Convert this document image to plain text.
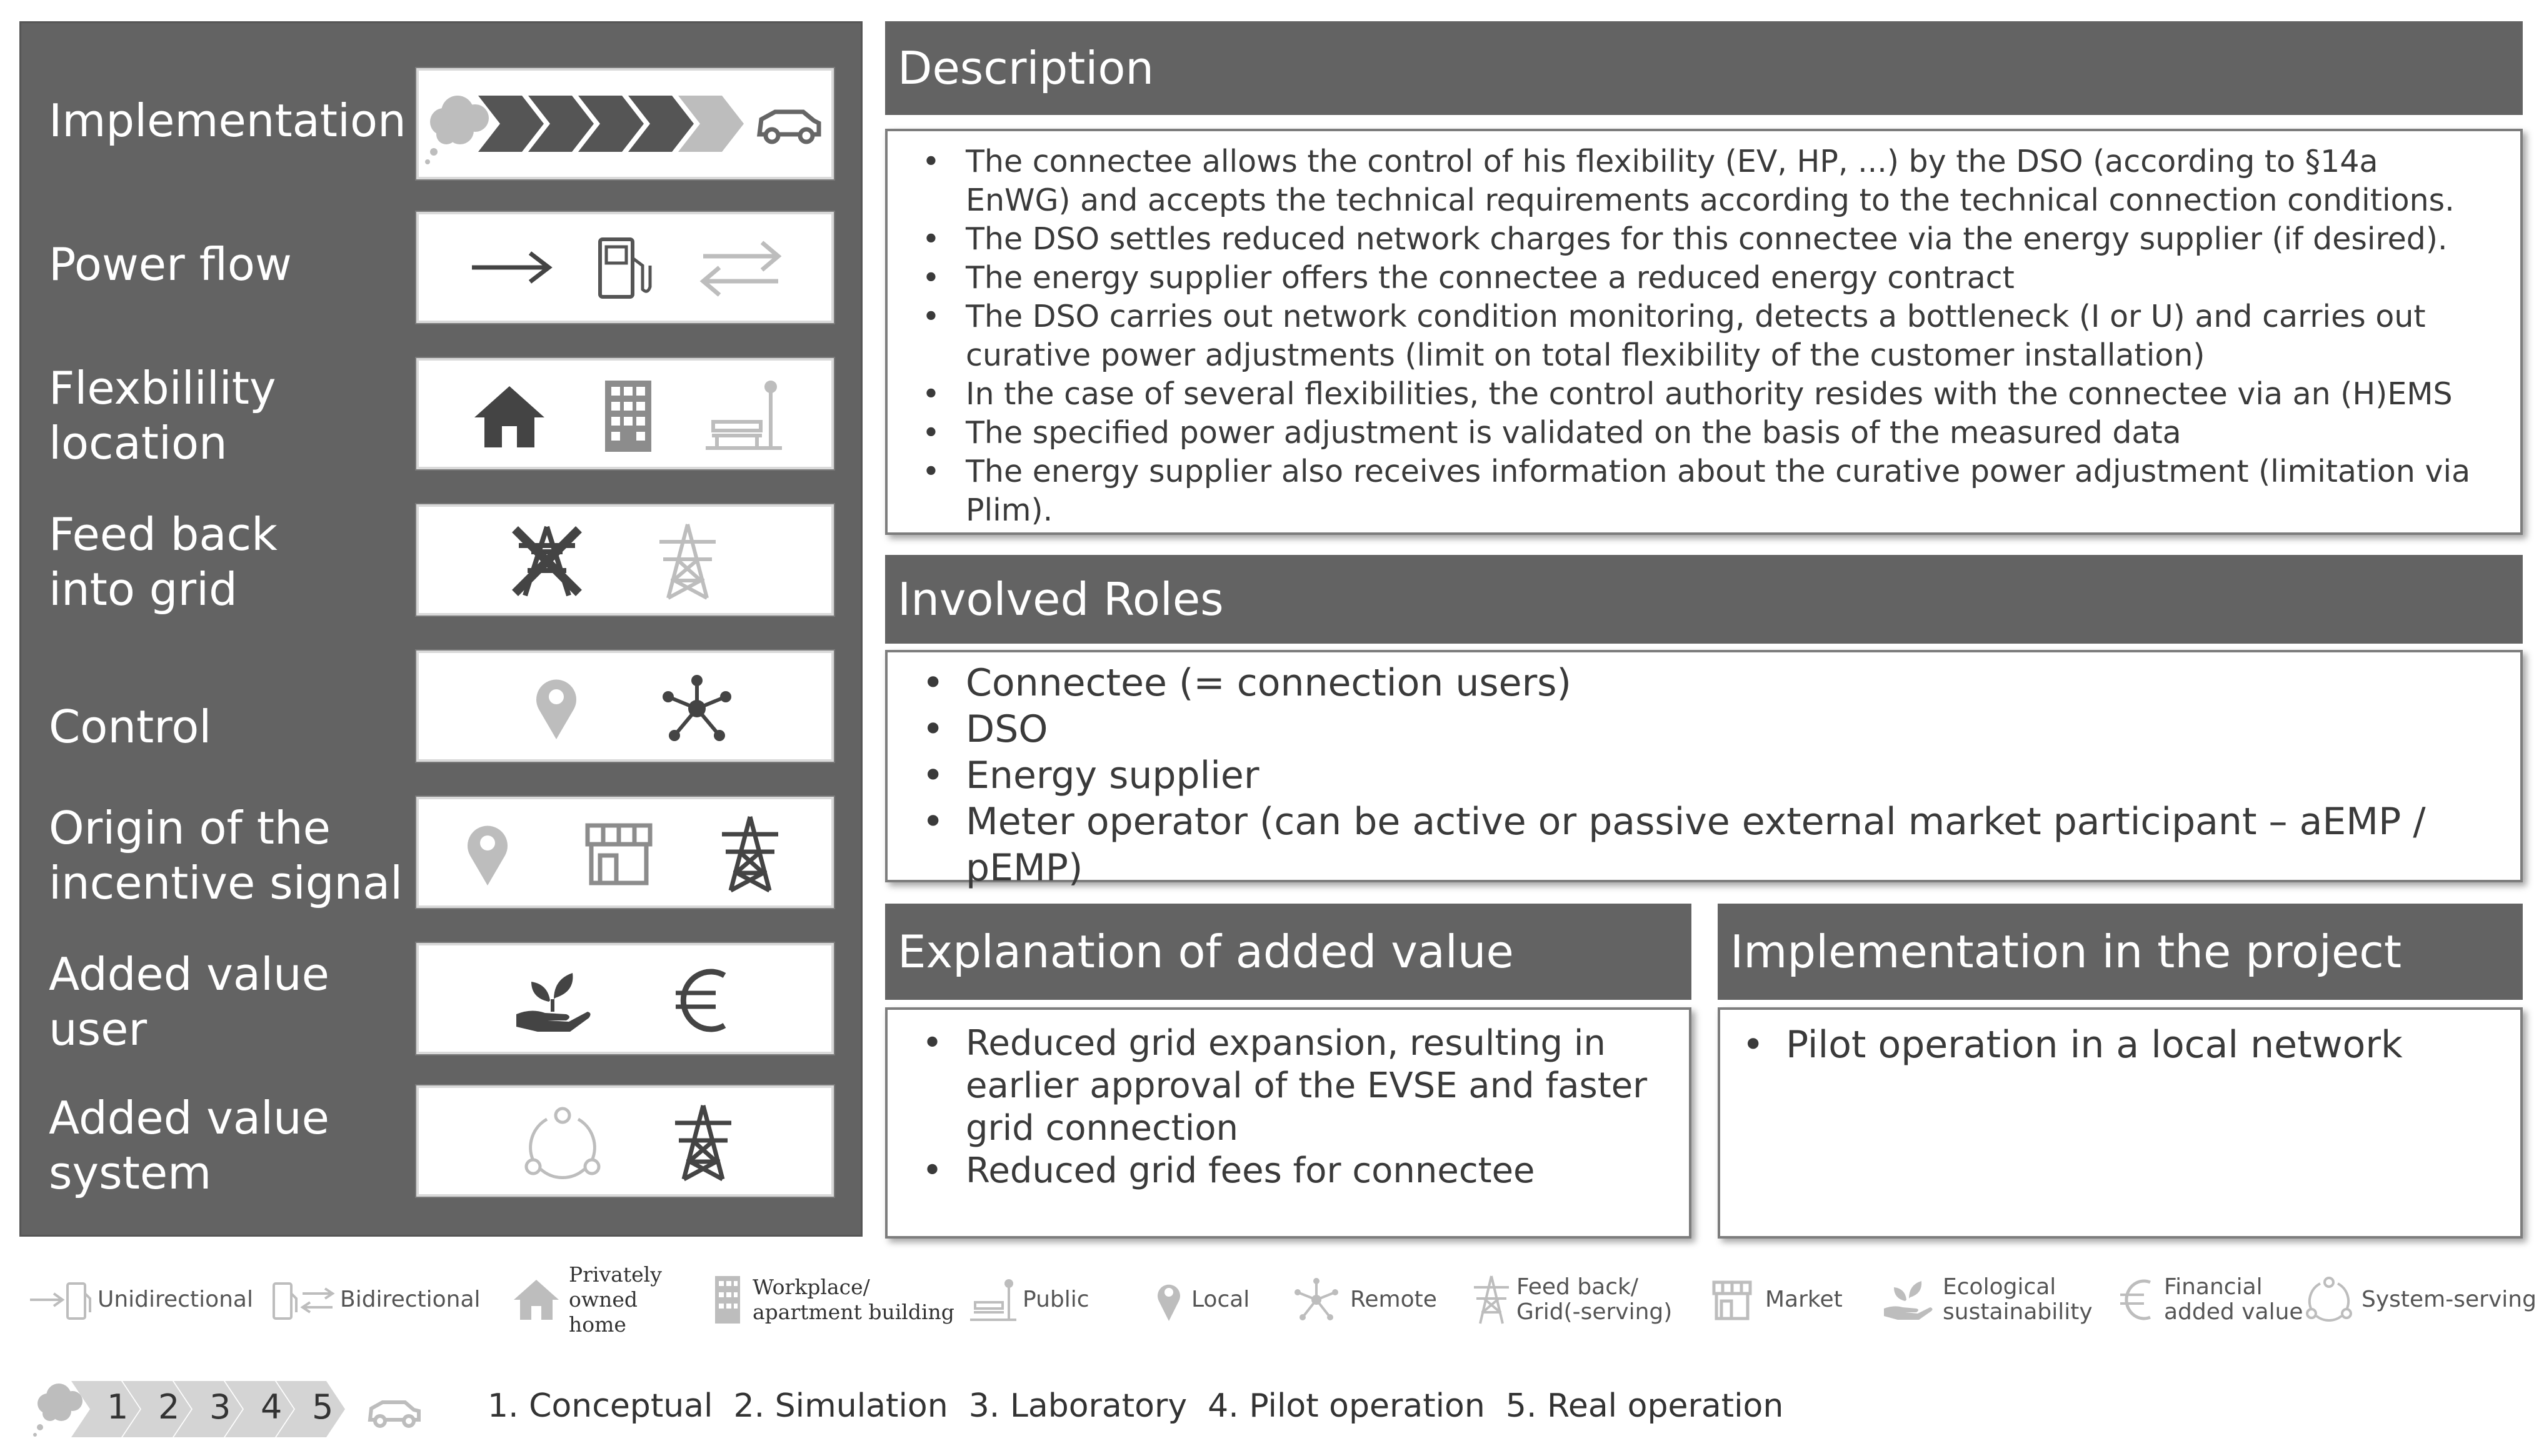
Implementation
Power flow
Flexbilility
location
Feed back
into grid
Control
Origin of the
incentive signal
Added value
user
Added value
system
Description
• The connectee allows the control of his flexibility (EV, HP, ...) by the DSO (according to §14a EnWG) and accepts the technical requirements according to the technical connection conditions.
• The DSO settles reduced network charges for this connectee via the energy supplier (if desired).
• The energy supplier offers the connectee a reduced energy contract
• The DSO carries out network condition monitoring, detects a bottleneck (I or U) and carries out curative power adjustments (limit on total flexibility of the customer installation)
• In the case of several flexibilities, the control authority resides with the connectee via an (H)EMS
• The specified power adjustment is validated on the basis of the measured data
• The energy supplier also receives information about the curative power adjustment (limitation via Plim).
Involved Roles
• Connectee (= connection users)
• DSO
• Energy supplier
• Meter operator (can be active or passive external market participant – aEMP / pEMP)
Explanation of added value
• Reduced grid expansion, resulting in earlier approval of the EVSE and faster grid connection
• Reduced grid fees for connectee
Implementation in the project
• Pilot operation in a local network
Unidirectional	Bidirectional
Privately
owned
home
Workplace/
apartment building	Public	Local	Remote	Feed back/
Grid(-serving)	Market	Ecological
sustainability
Financial
added value	System-serving
1 2 3 4 5	1. Conceptual  2. Simulation  3. Laboratory  4. Pilot operation  5. Real operation
